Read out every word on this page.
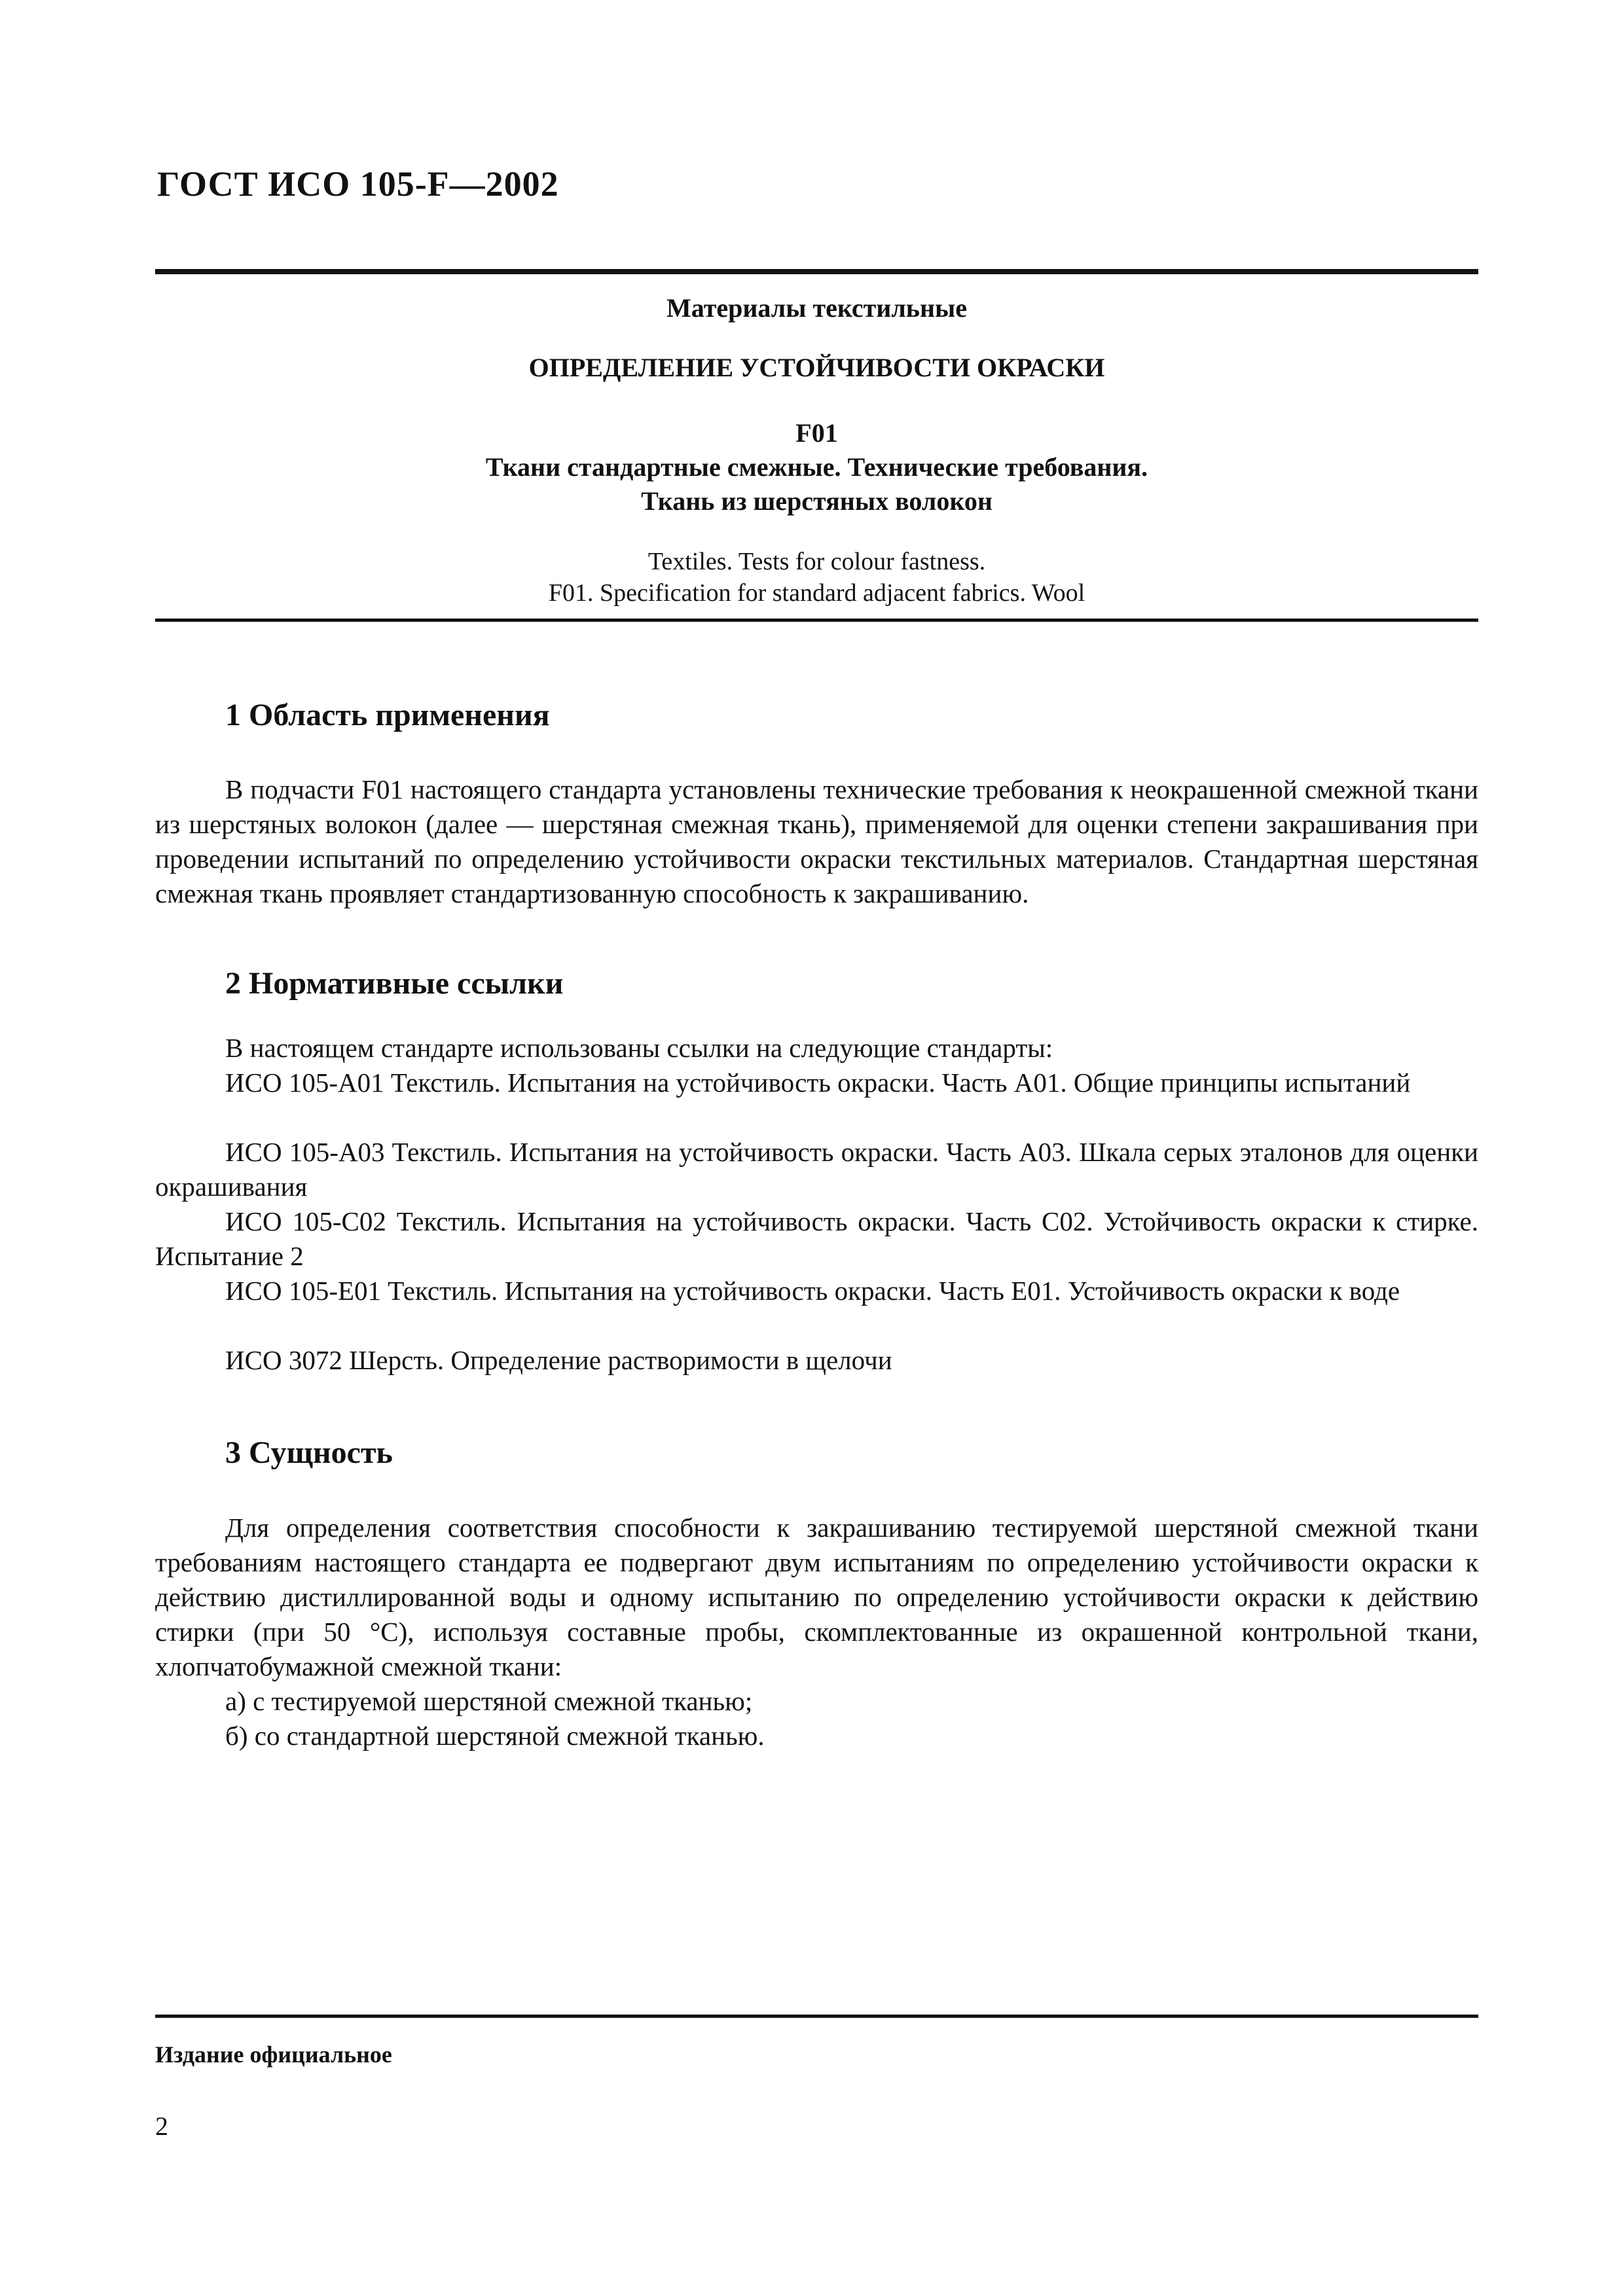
ГОСТ ИСО 105-F—2002

Материалы текстильные

ОПРЕДЕЛЕНИЕ УСТОЙЧИВОСТИ ОКРАСКИ

F01

Ткани стандартные смежные. Технические требования.

Ткань из шерстяных волокон

Textiles. Tests for colour fastness.

F01. Specification for standard adjacent fabrics. Wool

1 Область применения

В подчасти F01 настоящего стандарта установлены технические требования к неокрашенной смежной ткани из шерстяных волокон (далее — шерстяная смежная ткань), применяемой для оценки степени закрашивания при проведении испытаний по определению устойчивости окраски текстильных материалов. Стандартная шерстяная смежная ткань проявляет стандартизованную способность к закрашиванию.

2 Нормативные ссылки

В настоящем стандарте использованы ссылки на следующие стандарты:

ИСО 105-А01 Текстиль. Испытания на устойчивость окраски. Часть А01. Общие принципы испытаний

ИСО 105-А03 Текстиль. Испытания на устойчивость окраски. Часть А03. Шкала серых эталонов для оценки окрашивания

ИСО 105-С02 Текстиль. Испытания на устойчивость окраски. Часть С02. Устойчивость окраски к стирке. Испытание 2

ИСО 105-Е01 Текстиль. Испытания на устойчивость окраски. Часть Е01. Устойчивость окраски к воде

ИСО 3072 Шерсть. Определение растворимости в щелочи

3 Сущность

Для определения соответствия способности к закрашиванию тестируемой шерстяной смежной ткани требованиям настоящего стандарта ее подвергают двум испытаниям по определению устойчивости окраски к действию дистиллированной воды и одному испытанию по определению устойчивости окраски к действию стирки (при 50 °С), используя составные пробы, скомплектованные из окрашенной контрольной ткани, хлопчатобумажной смежной ткани:

а) с тестируемой шерстяной смежной тканью;

б) со стандартной шерстяной смежной тканью.

Издание официальное

2
